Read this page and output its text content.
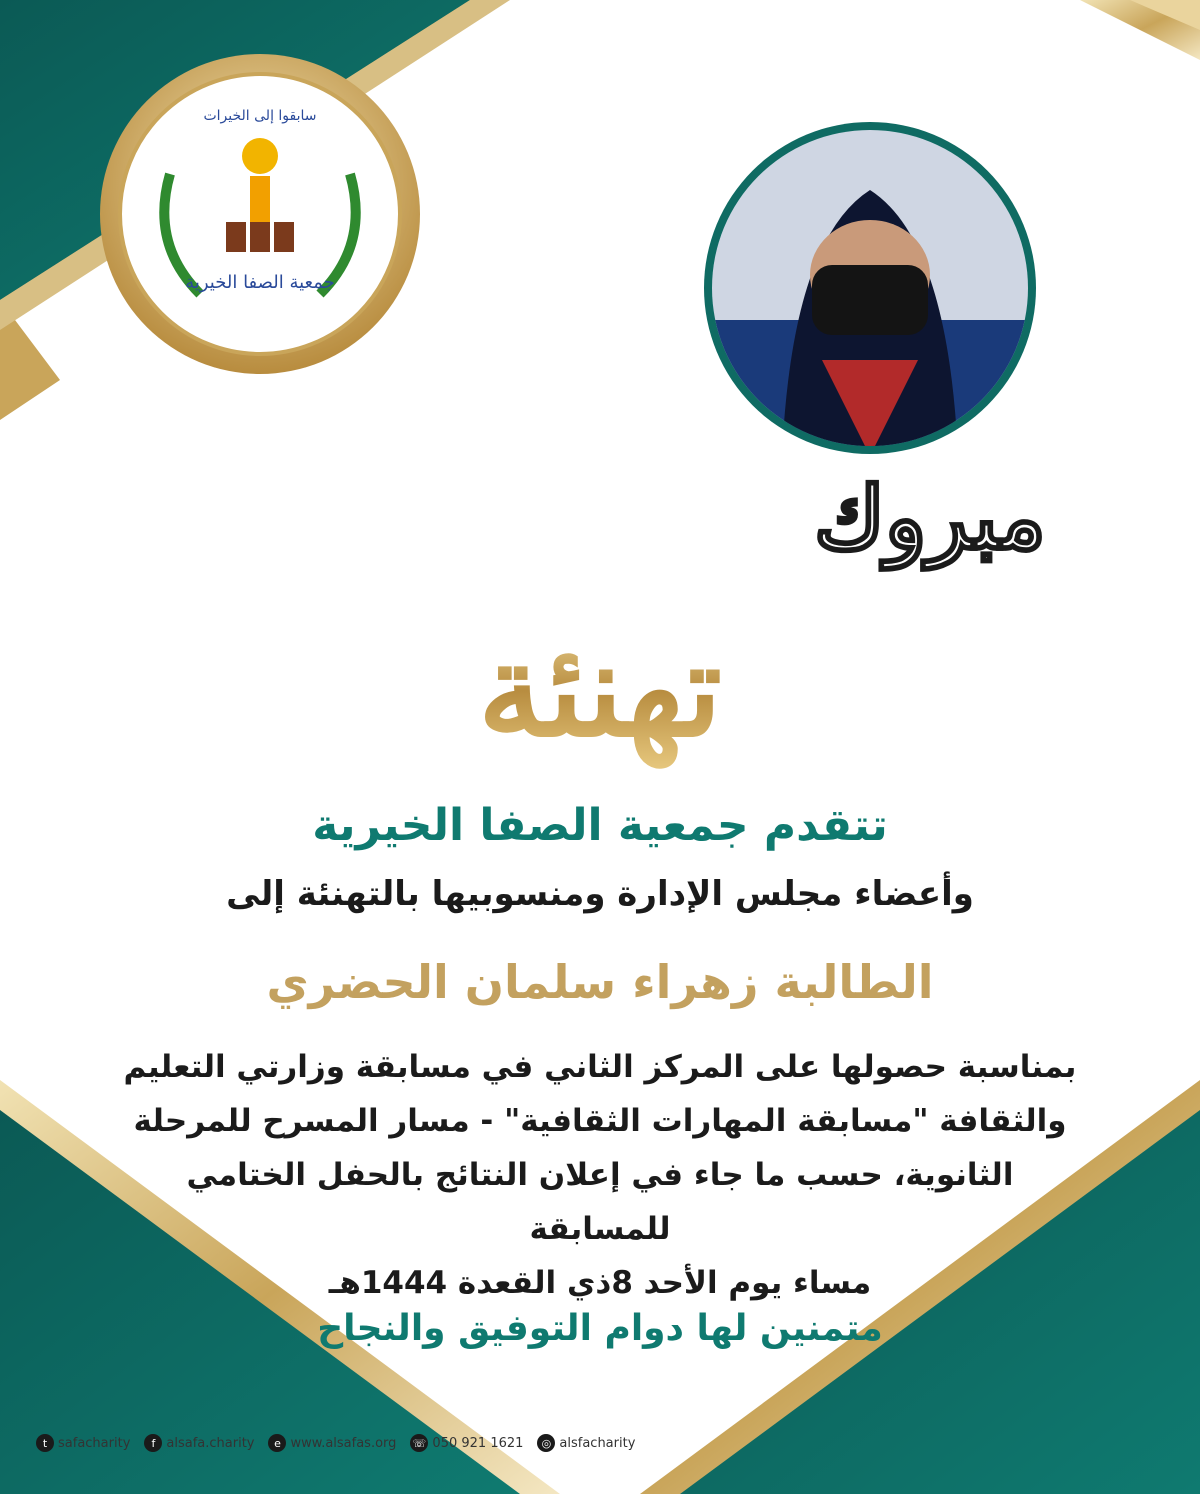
سابقوا إلى الخيرات
جمعية الصفا الخيرية
مبروك
تهنئة
تتقدم جمعية الصفا الخيرية
وأعضاء مجلس الإدارة ومنسوبيها بالتهنئة إلى
الطالبة زهراء سلمان الحضري
بمناسبة حصولها على المركز الثاني في مسابقة وزارتي التعليم
والثقافة "مسابقة المهارات الثقافية" - مسار المسرح للمرحلة
الثانوية، حسب ما جاء في إعلان النتائج بالحفل الختامي للمسابقة
مساء يوم الأحد 8ذي القعدة 1444هـ
متمنين لها دوام التوفيق والنجاح
t safacharity	f alsafa.charity	e www.alsafas.org ☏ 050 921 1621	◎ alsfacharity
